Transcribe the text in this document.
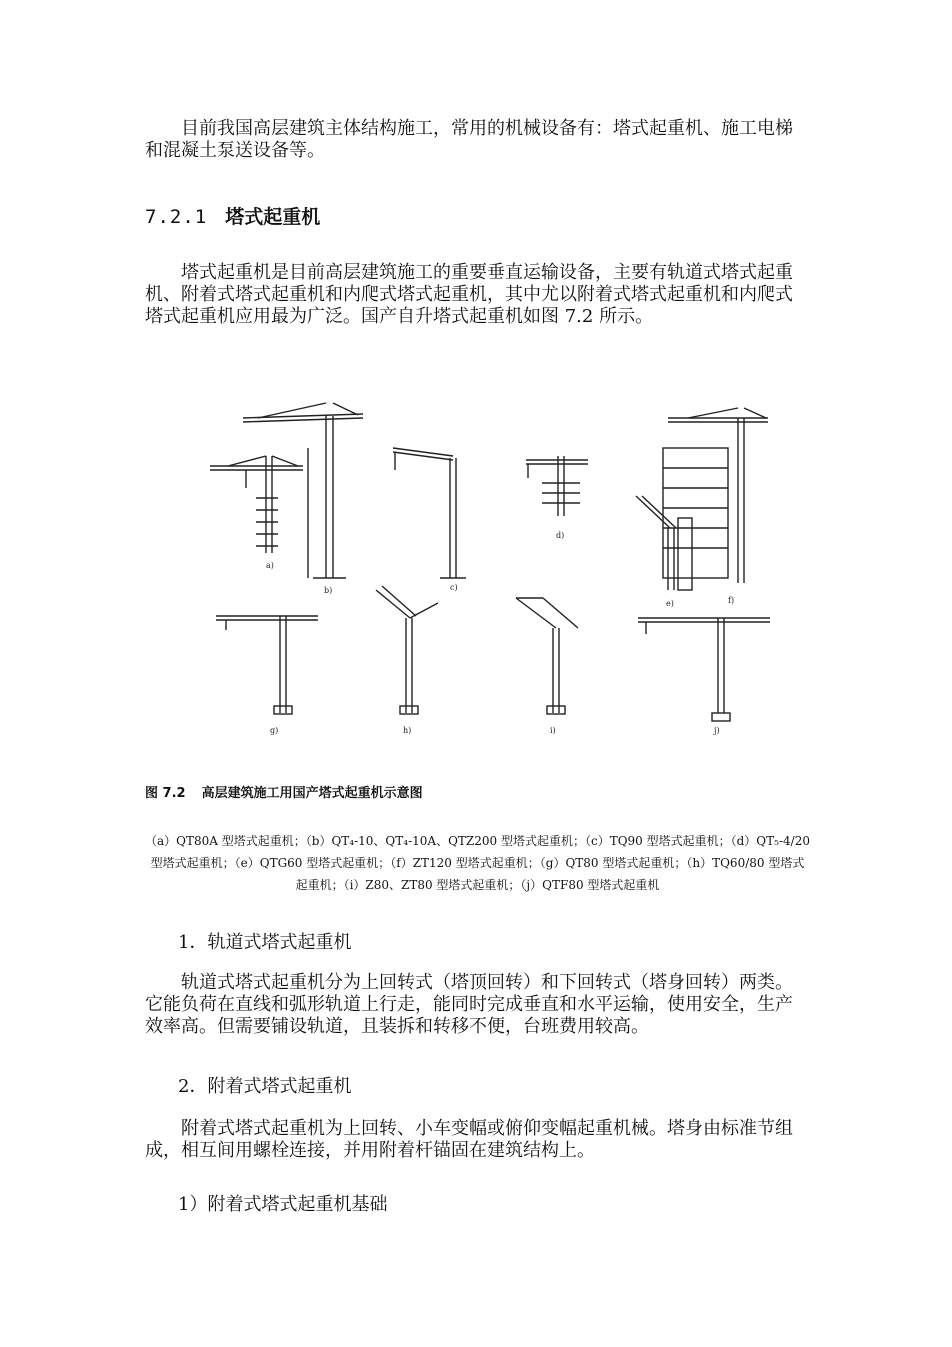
目前我国高层建筑主体结构施工，常用的机械设备有：塔式起重机、施工电梯和混凝土泵送设备等。

7.2.1 塔式起重机

塔式起重机是目前高层建筑施工的重要垂直运输设备，主要有轨道式塔式起重机、附着式塔式起重机和内爬式塔式起重机，其中尤以附着式塔式起重机和内爬式塔式起重机应用最为广泛。国产自升塔式起重机如图 7.2 所示。

a)
b)	c)
d)
e)	f)
g)	h)	i)	j)

图 7.2 高层建筑施工用国产塔式起重机示意图

（a）QT80A 型塔式起重机；（b）QT₄-10、QT₄-10A、QTZ200 型塔式起重机；（c）TQ90 型塔式起重机；（d）QT₅-4/20 型塔式起重机；（e）QTG60 型塔式起重机；（f）ZT120 型塔式起重机；（g）QT80 型塔式起重机；（h）TQ60/80 型塔式起重机；（i）Z80、ZT80 型塔式起重机；（j）QTF80 型塔式起重机

1．轨道式塔式起重机

轨道式塔式起重机分为上回转式（塔顶回转）和下回转式（塔身回转）两类。它能负荷在直线和弧形轨道上行走，能同时完成垂直和水平运输，使用安全，生产效率高。但需要铺设轨道，且装拆和转移不便，台班费用较高。

2．附着式塔式起重机

附着式塔式起重机为上回转、小车变幅或俯仰变幅起重机械。塔身由标准节组成，相互间用螺栓连接，并用附着杆锚固在建筑结构上。

1）附着式塔式起重机基础
